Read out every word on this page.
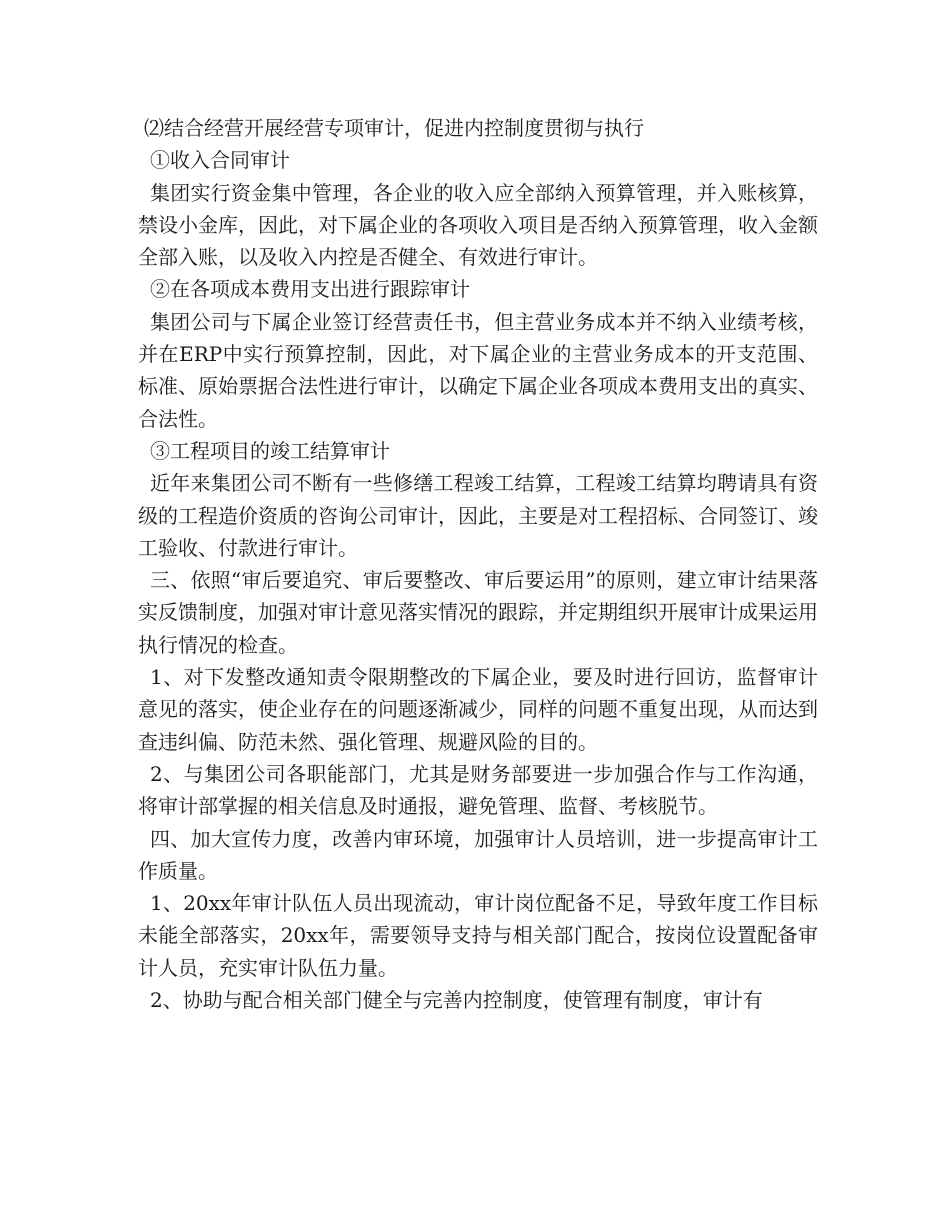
⑵结合经营开展经营专项审计，促进内控制度贯彻与执行

①收入合同审计

集团实行资金集中管理，各企业的收入应全部纳入预算管理，并入账核算，禁设小金库，因此，对下属企业的各项收入项目是否纳入预算管理，收入金额全部入账，以及收入内控是否健全、有效进行审计。

②在各项成本费用支出进行跟踪审计

集团公司与下属企业签订经营责任书，但主营业务成本并不纳入业绩考核，并在ERP中实行预算控制，因此，对下属企业的主营业务成本的开支范围、标准、原始票据合法性进行审计，以确定下属企业各项成本费用支出的真实、合法性。

③工程项目的竣工结算审计

近年来集团公司不断有一些修缮工程竣工结算，工程竣工结算均聘请具有资级的工程造价资质的咨询公司审计，因此，主要是对工程招标、合同签订、竣工验收、付款进行审计。

三、依照“审后要追究、审后要整改、审后要运用”的原则，建立审计结果落实反馈制度，加强对审计意见落实情况的跟踪，并定期组织开展审计成果运用执行情况的检查。

1、对下发整改通知责令限期整改的下属企业，要及时进行回访，监督审计意见的落实，使企业存在的问题逐渐减少，同样的问题不重复出现，从而达到查违纠偏、防范未然、强化管理、规避风险的目的。

2、与集团公司各职能部门，尤其是财务部要进一步加强合作与工作沟通，将审计部掌握的相关信息及时通报，避免管理、监督、考核脱节。

四、加大宣传力度，改善内审环境，加强审计人员培训，进一步提高审计工作质量。

1、20xx年审计队伍人员出现流动，审计岗位配备不足，导致年度工作目标未能全部落实，20xx年，需要领导支持与相关部门配合，按岗位设置配备审计人员，充实审计队伍力量。

2、协助与配合相关部门健全与完善内控制度，使管理有制度，审计有
